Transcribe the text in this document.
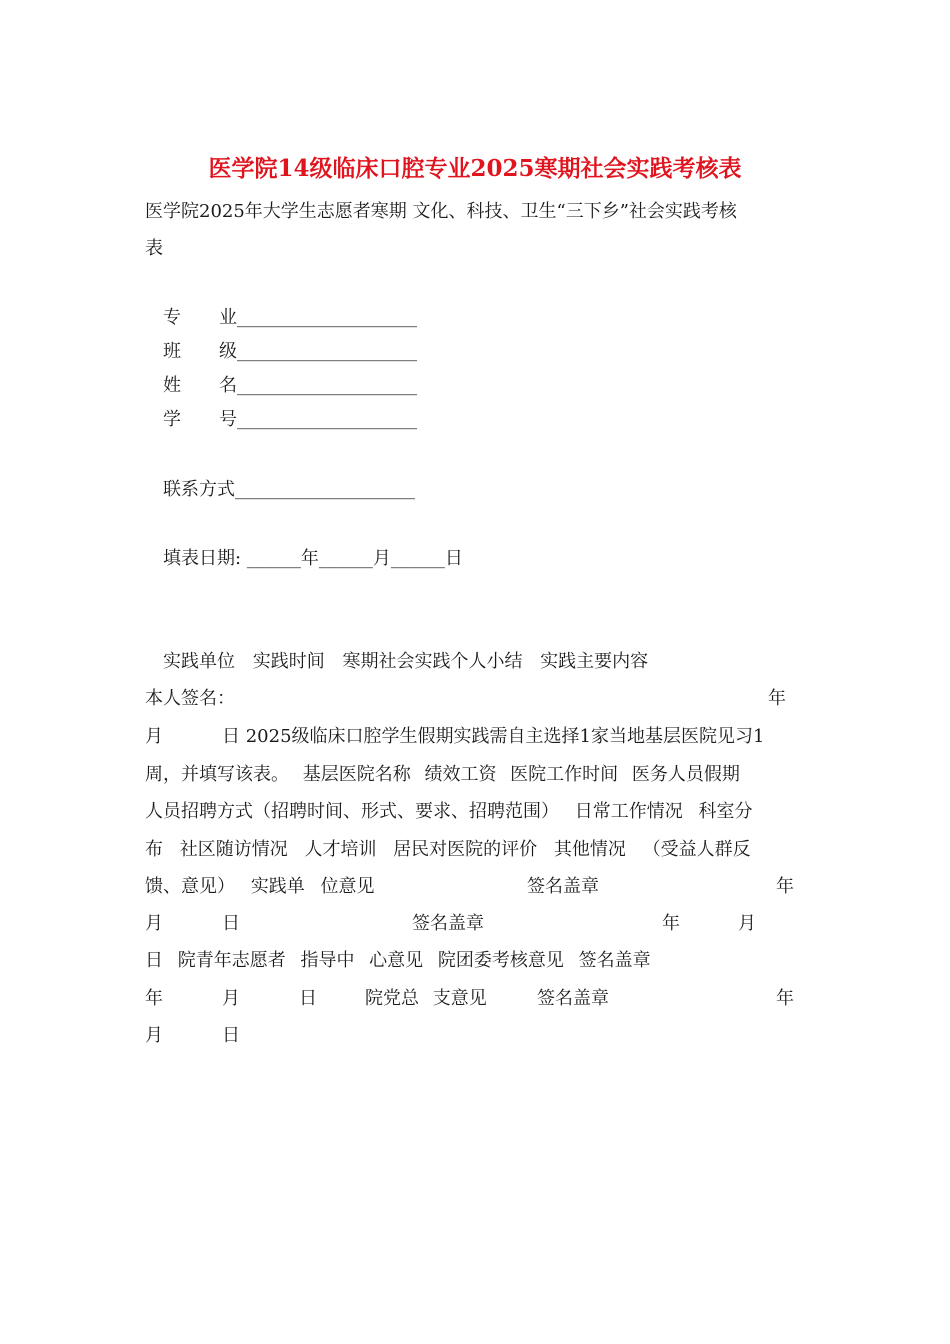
医学院14级临床口腔专业2025寒期社会实践考核表
医学院2025年大学生志愿者寒期 文化、科技、卫生“三下乡”社会实践考核
表
专 业____________________
班 级____________________
姓 名____________________
学 号____________________
联系方式____________________
填表日期: ______年______月______日
实践单位 实践时间 寒期社会实践个人小结 实践主要内容
本人签名：	年
月	日 2025级临床口腔学生假期实践需自主选择1家当地基层医院见习1
周，并填写该表。 基层医院名称 绩效工资 医院工作时间 医务人员假期
人员招聘方式（招聘时间、形式、要求、招聘范围） 日常工作情况 科室分
布 社区随访情况 人才培训 居民对医院的评价 其他情况 （受益人群反
馈、意见） 实践单 位意见	签名盖章	年
月	日	签名盖章	年	月
日 院青年志愿者 指导中 心意见 院团委考核意见 签名盖章
年	月	日	院党总 支意见	签名盖章	年
月	日
